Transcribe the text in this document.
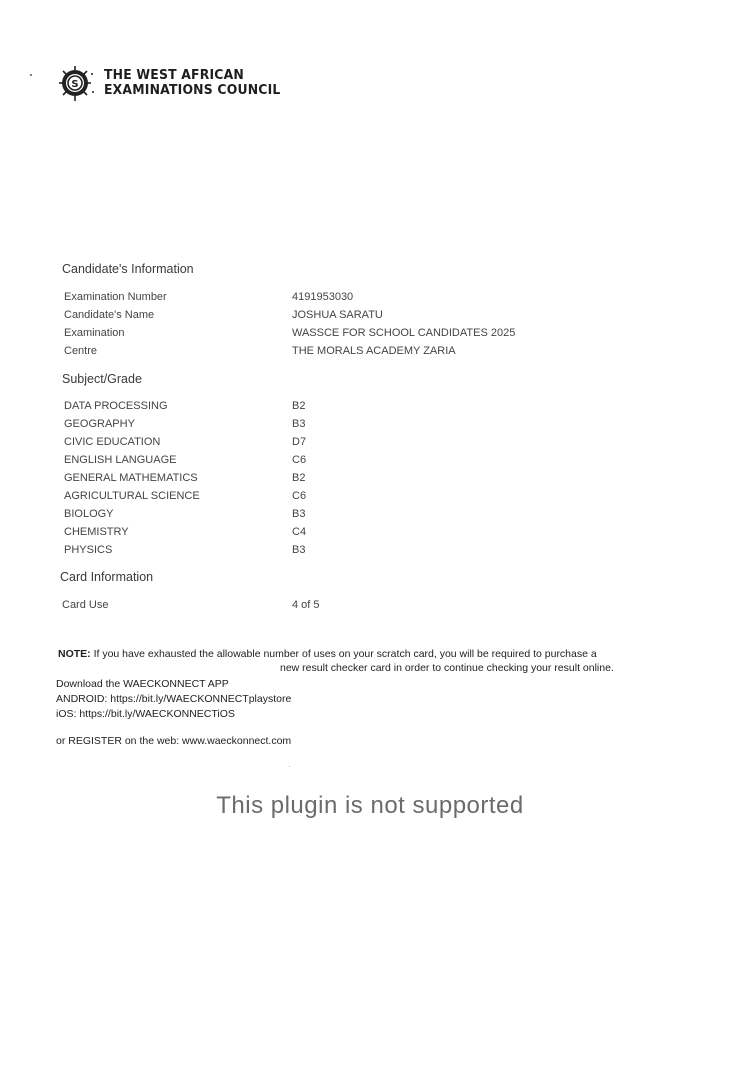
S
THE WEST AFRICAN
EXAMINATIONS COUNCIL
Candidate's Information
Examination Number	4191953030
Candidate's Name	JOSHUA SARATU
Examination	WASSCE FOR SCHOOL CANDIDATES 2025
Centre	THE MORALS ACADEMY ZARIA
Subject/Grade
DATA PROCESSING	B2
GEOGRAPHY	B3
CIVIC EDUCATION	D7
ENGLISH LANGUAGE	C6
GENERAL MATHEMATICS	B2
AGRICULTURAL SCIENCE	C6
BIOLOGY	B3
CHEMISTRY	C4
PHYSICS	B3
Card Information
Card Use	4 of 5
NOTE: If you have exhausted the allowable number of uses on your scratch card, you will be required to purchase a
new result checker card in order to continue checking your result online.
Download the WAECKONNECT APP
ANDROID: https://bit.ly/WAECKONNECTplaystore
iOS: https://bit.ly/WAECKONNECTiOS
or REGISTER on the web: www.waeckonnect.com
This plugin is not supported
